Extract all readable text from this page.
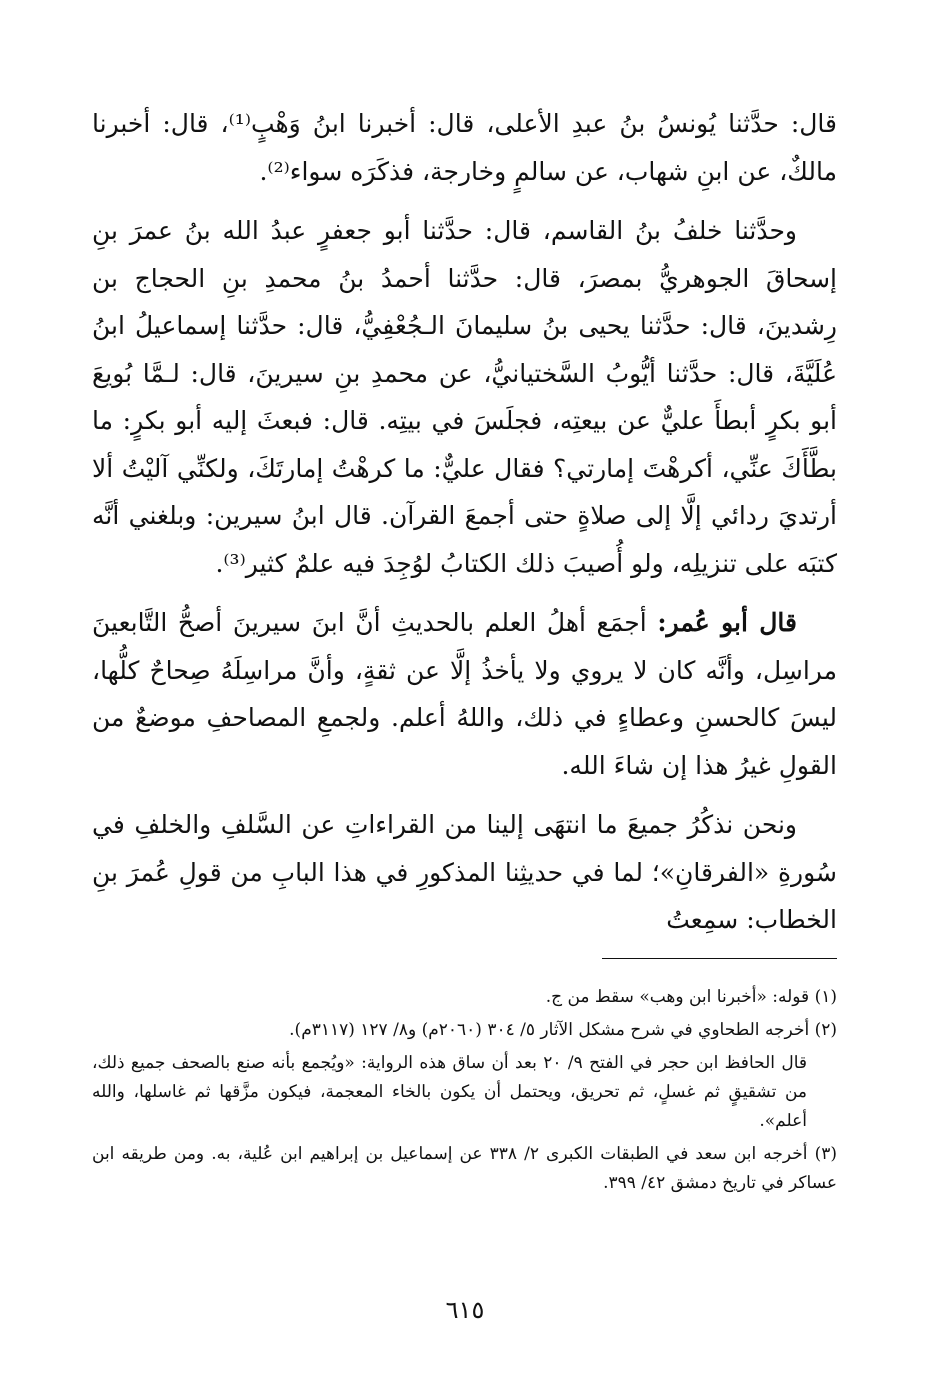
قال: حدَّثنا يُونسُ بنُ عبدِ الأعلى، قال: أخبرنا ابنُ وَهْبٍ⁽¹⁾، قال: أخبرنا مالكٌ، عن ابنِ شهاب، عن سالمٍ وخارجة، فذكَرَه سواء⁽²⁾.

وحدَّثنا خلفُ بنُ القاسم، قال: حدَّثنا أبو جعفرٍ عبدُ الله بنُ عمرَ بنِ إسحاقَ الجوهريُّ بمصرَ، قال: حدَّثنا أحمدُ بنُ محمدِ بنِ الحجاج بن رِشدينَ، قال: حدَّثنا يحيى بنُ سليمانَ الـجُعْفِيُّ، قال: حدَّثنا إسماعيلُ ابنُ عُلَيَّةَ، قال: حدَّثنا أيُّوبُ السَّختيانيُّ، عن محمدِ بنِ سيرينَ، قال: لـمَّا بُويعَ أبو بكرٍ أبطأَ عليٌّ عن بيعتِه، فجلَسَ في بيتِه. قال: فبعثَ إليه أبو بكرٍ: ما بطَّأَكَ عنِّي، أكرهْتَ إمارتي؟ فقال عليٌّ: ما كرهْتُ إمارتَكَ، ولكنِّي آليْتُ ألا أرتديَ ردائي إلَّا إلى صلاةٍ حتى أجمعَ القرآن. قال ابنُ سيرين: وبلغني أنَّه كتبَه على تنزيلِه، ولو أُصيبَ ذلك الكتابُ لوُجِدَ فيه علمٌ كثير⁽³⁾.

قال أبو عُمر: أجمَع أهلُ العلم بالحديثِ أنَّ ابنَ سيرينَ أصحُّ التَّابعينَ مراسِل، وأنَّه كان لا يروي ولا يأخذُ إلَّا عن ثقةٍ، وأنَّ مراسِلَهُ صِحاحٌ كلُّها، ليسَ كالحسنِ وعطاءٍ في ذلك، واللهُ أعلم. ولجمعِ المصاحفِ موضعٌ من القولِ غيرُ هذا إن شاءَ الله.

ونحن نذكُرُ جميعَ ما انتهَى إلينا من القراءاتِ عن السَّلفِ والخلفِ في سُورةِ «الفرقانِ»؛ لما في حديثِنا المذكورِ في هذا البابِ من قولِ عُمرَ بنِ الخطاب: سمِعتُ

(١) قوله: «أخبرنا ابن وهب» سقط من ج.
(٢) أخرجه الطحاوي في شرح مشكل الآثار ٥/ ٣٠٤ (٢٠٦٠م) و٨/ ١٢٧ (٣١١٧م).
قال الحافظ ابن حجر في الفتح ٩/ ٢٠ بعد أن ساق هذه الرواية: «ويُجمع بأنه صنع بالصحف جميع ذلك، من تشقيقٍ ثم غسلٍ، ثم تحريق، ويحتمل أن يكون بالخاء المعجمة، فيكون مزَّقها ثم غاسلها، والله أعلم».
(٣) أخرجه ابن سعد في الطبقات الكبرى ٢/ ٣٣٨ عن إسماعيل بن إبراهيم ابن عُلية، به. ومن طريقه ابن عساكر في تاريخ دمشق ٤٢/ ٣٩٩.
٦١٥
